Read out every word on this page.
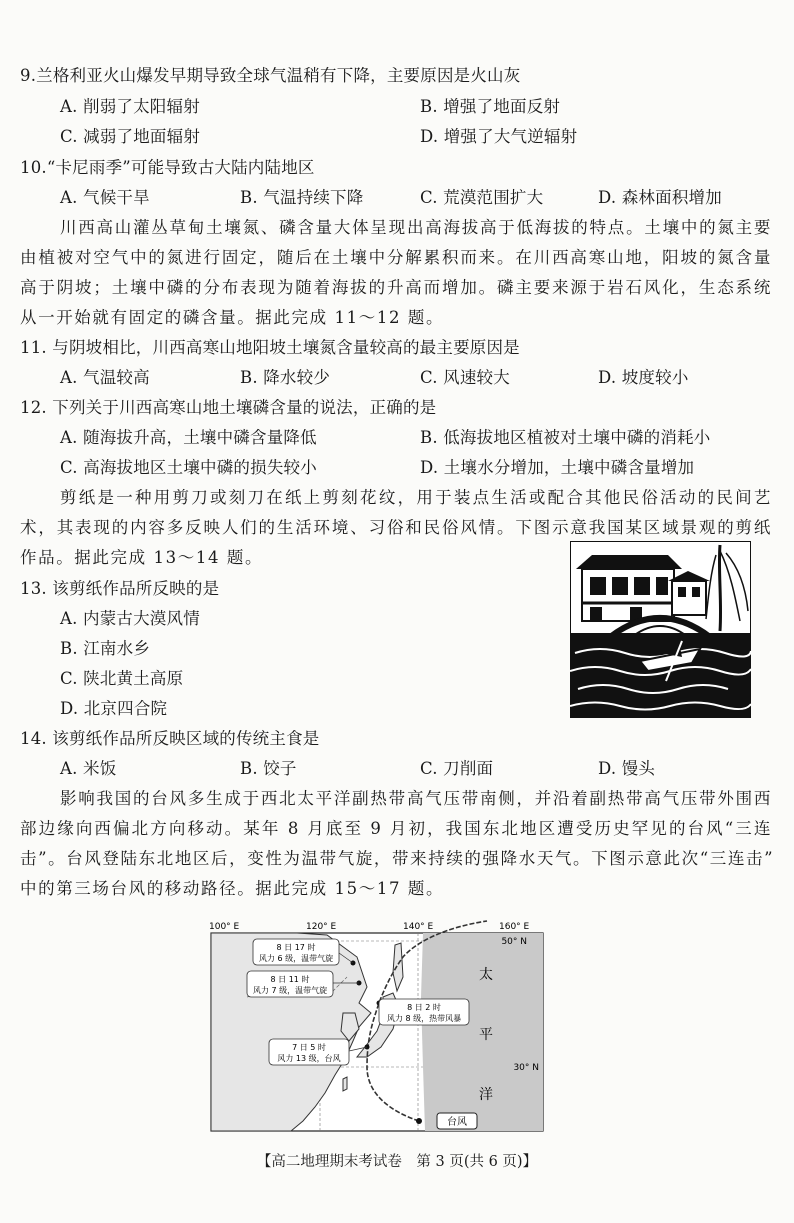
9.兰格利亚火山爆发早期导致全球气温稍有下降，主要原因是火山灰
A. 削弱了太阳辐射	B. 增强了地面反射
C. 减弱了地面辐射	D. 增强了大气逆辐射
10.“卡尼雨季”可能导致古大陆内陆地区
A. 气候干旱	B. 气温持续下降	C. 荒漠范围扩大	D. 森林面积增加
川西高山灌丛草甸土壤氮、磷含量大体呈现出高海拔高于低海拔的特点。土壤中的氮主要
由植被对空气中的氮进行固定，随后在土壤中分解累积而来。在川西高寒山地，阳坡的氮含量
高于阴坡；土壤中磷的分布表现为随着海拔的升高而增加。磷主要来源于岩石风化，生态系统
从一开始就有固定的磷含量。据此完成 11～12 题。
11. 与阴坡相比，川西高寒山地阳坡土壤氮含量较高的最主要原因是
A. 气温较高	B. 降水较少	C. 风速较大	D. 坡度较小
12. 下列关于川西高寒山地土壤磷含量的说法，正确的是
A. 随海拔升高，土壤中磷含量降低	B. 低海拔地区植被对土壤中磷的消耗小
C. 高海拔地区土壤中磷的损失较小	D. 土壤水分增加，土壤中磷含量增加
剪纸是一种用剪刀或刻刀在纸上剪刻花纹，用于装点生活或配合其他民俗活动的民间艺
术，其表现的内容多反映人们的生活环境、习俗和民俗风情。下图示意我国某区域景观的剪纸
作品。据此完成 13～14 题。
13. 该剪纸作品所反映的是
A. 内蒙古大漠风情
B. 江南水乡
C. 陕北黄土高原
D. 北京四合院
14. 该剪纸作品所反映区域的传统主食是
A. 米饭	B. 饺子	C. 刀削面	D. 馒头
影响我国的台风多生成于西北太平洋副热带高气压带南侧，并沿着副热带高气压带外围西
部边缘向西偏北方向移动。某年 8 月底至 9 月初，我国东北地区遭受历史罕见的台风“三连
击”。台风登陆东北地区后，变性为温带气旋，带来持续的强降水天气。下图示意此次“三连击”
中的第三场台风的移动路径。据此完成 15～17 题。
100° E	120° E	140° E	160° E
50° N
30° N
太
平
洋
8 日 17 时
风力 6 级，温带气旋
8 日 11 时
风力 7 级，温带气旋
8 日 2 时
风力 8 级，热带风暴
7 日 5 时
风力 13 级，台风
台风
【高二地理期末考试卷　第 3 页(共 6 页)】
